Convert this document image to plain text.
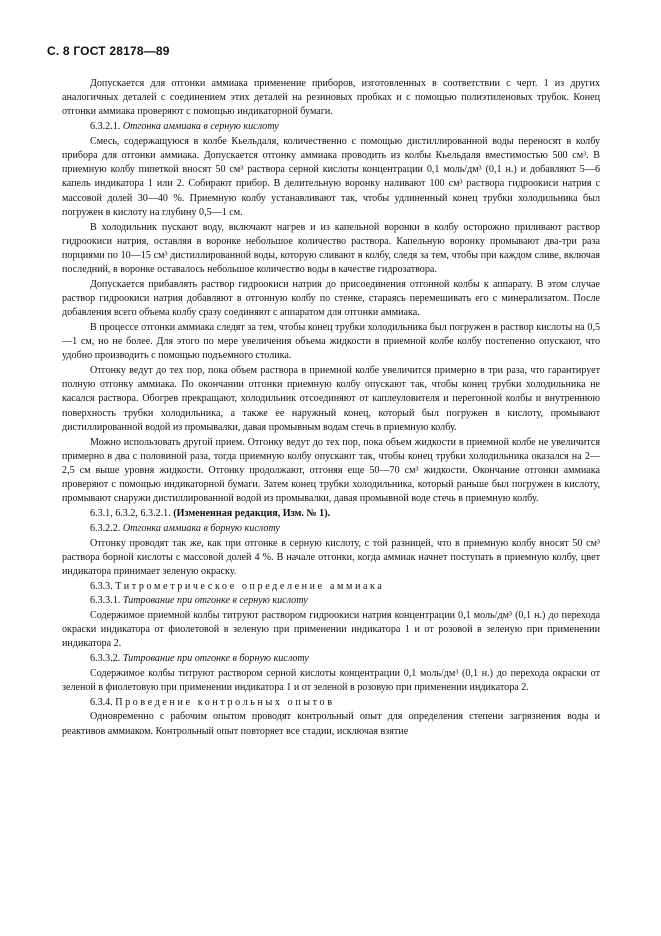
С. 8 ГОСТ 28178—89

Допускается для отгонки аммиака применение приборов, изготовленных в соответствии с черт. 1 из других аналогичных деталей с соединением этих деталей на резиновых пробках и с помощью полиэтиленовых трубок. Конец отгонки аммиака проверяют с помощью индикаторной бумаги.

6.3.2.1. Отгонка аммиака в серную кислоту

Смесь, содержащуюся в колбе Кьельдаля, количественно с помощью дистиллированной воды переносят в колбу прибора для отгонки аммиака. Допускается отгонку аммиака проводить из колбы Кьельдаля вместимостью 500 см³. В приемную колбу пипеткой вносят 50 см³ раствора серной кислоты концентрации 0,1 моль/дм³ (0,1 н.) и добавляют 5—6 капель индикатора 1 или 2. Собирают прибор. В делительную воронку наливают 100 см³ раствора гидроокиси натрия с массовой долей 30—40 %. Приемную колбу устанавливают так, чтобы удлиненный конец трубки холодильника был погружен в кислоту на глубину 0,5—1 см.

В холодильник пускают воду, включают нагрев и из капельной воронки в колбу осторожно приливают раствор гидроокиси натрия, оставляя в воронке небольшое количество раствора. Капельную воронку промывают два-три раза порциями по 10—15 см³ дистиллированной воды, которую сливают в колбу, следя за тем, чтобы при каждом сливе, включая последний, в воронке оставалось небольшое количество воды в качестве гидрозатвора.

Допускается прибавлять раствор гидроокиси натрия до присоединения отгонной колбы к аппарату. В этом случае раствор гидроокиси натрия добавляют в отгонную колбу по стенке, стараясь перемешивать его с минерализатом. После добавления всего объема колбу сразу соединяют с аппаратом для отгонки аммиака.

В процессе отгонки аммиака следят за тем, чтобы конец трубки холодильника был погружен в раствор кислоты на 0,5—1 см, но не более. Для этого по мере увеличения объема жидкости в приемной колбе колбу постепенно опускают, что удобно производить с помощью подъемного столика.

Отгонку ведут до тех пор, пока объем раствора в приемной колбе увеличится примерно в три раза, что гарантирует полную отгонку аммиака. По окончании отгонки приемную колбу опускают так, чтобы конец трубки холодильника не касался раствора. Обогрев прекращают, холодильник отсоединяют от каплеуловителя и перегонной колбы и внутреннюю поверхность трубки холодильника, а также ее наружный конец, который был погружен в кислоту, промывают дистиллированной водой из промывалки, давая промывным водам стечь в приемную колбу.

Можно использовать другой прием. Отгонку ведут до тех пор, пока объем жидкости в приемной колбе не увеличится примерно в два с половиной раза, тогда приемную колбу опускают так, чтобы конец трубки холодильника оказался на 2—2,5 см выше уровня жидкости. Отгонку продолжают, отгоняя еще 50—70 см³ жидкости. Окончание отгонки аммиака проверяют с помощью индикаторной бумаги. Затем конец трубки холодильника, который раньше был погружен в кислоту, промывают снаружи дистиллированной водой из промывалки, давая промывной воде стечь в приемную колбу.

6.3.1, 6.3.2, 6.3.2.1. (Измененная редакция, Изм. № 1).

6.3.2.2. Отгонка аммиака в борную кислоту

Отгонку проводят так же, как при отгонке в серную кислоту, с той разницей, что в приемную колбу вносят 50 см³ раствора борной кислоты с массовой долей 4 %. В начале отгонки, когда аммиак начнет поступать в приемную колбу, цвет индикатора принимает зеленую окраску.

6.3.3. Титрометрическое определение аммиака

6.3.3.1. Титрование при отгонке в серную кислоту

Содержимое приемной колбы титруют раствором гидроокиси натрия концентрации 0,1 моль/дм³ (0,1 н.) до перехода окраски индикатора от фиолетовой в зеленую при применении индикатора 1 и от розовой в зеленую при применении индикатора 2.

6.3.3.2. Титрование при отгонке в борную кислоту

Содержимое колбы титруют раствором серной кислоты концентрации 0,1 моль/дм³ (0,1 н.) до перехода окраски от зеленой в фиолетовую при применении индикатора 1 и от зеленой в розовую при применении индикатора 2.

6.3.4. Проведение контрольных опытов

Одновременно с рабочим опытом проводят контрольный опыт для определения степени загрязнения воды и реактивов аммиаком. Контрольный опыт повторяет все стадии, исключая взятие
